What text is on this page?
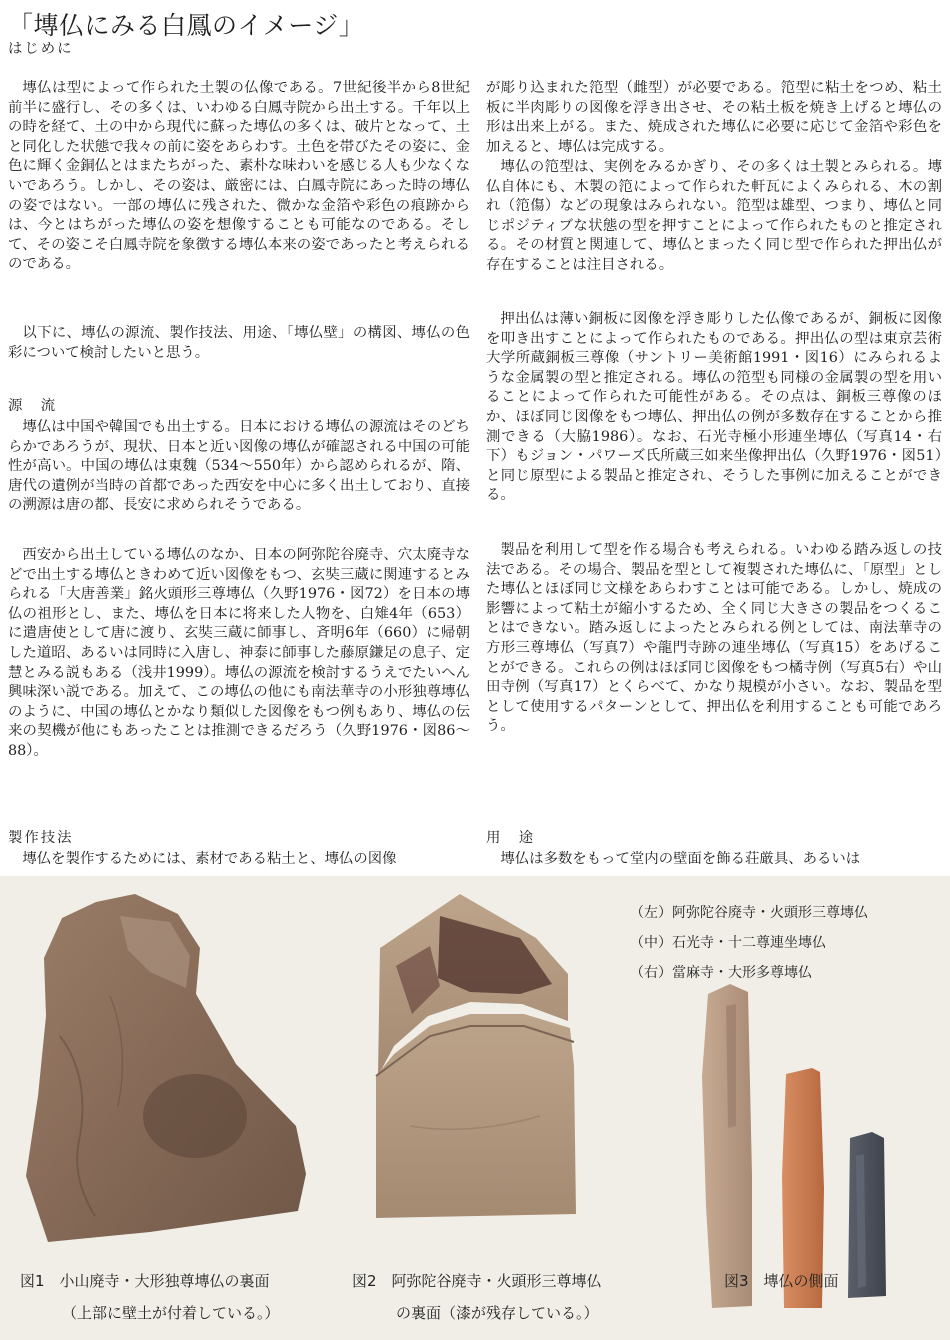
「塼仏にみる白鳳のイメージ」
はじめに

塼仏は型によって作られた土製の仏像である。7世紀後半から8世紀前半に盛行し、その多くは、いわゆる白鳳寺院から出土する。千年以上の時を経て、土の中から現代に蘇った塼仏の多くは、破片となって、土と同化した状態で我々の前に姿をあらわす。土色を帯びたその姿に、金色に輝く金銅仏とはまたちがった、素朴な味わいを感じる人も少なくないであろう。しかし、その姿は、厳密には、白鳳寺院にあった時の塼仏の姿ではない。一部の塼仏に残された、微かな金箔や彩色の痕跡からは、今とはちがった塼仏の姿を想像することも可能なのである。そして、その姿こそ白鳳寺院を象徴する塼仏本来の姿であったと考えられるのである。

以下に、塼仏の源流、製作技法、用途、「塼仏壁」の構図、塼仏の色彩について検討したいと思う。

源　流

塼仏は中国や韓国でも出土する。日本における塼仏の源流はそのどちらかであろうが、現状、日本と近い図像の塼仏が確認される中国の可能性が高い。中国の塼仏は東魏（534～550年）から認められるが、隋、唐代の遺例が当時の首都であった西安を中心に多く出土しており、直接の溯源は唐の都、長安に求められそうである。

西安から出土している塼仏のなか、日本の阿弥陀谷廃寺、穴太廃寺などで出土する塼仏ときわめて近い図像をもつ、玄奘三蔵に関連するとみられる「大唐善業」銘火頭形三尊塼仏（久野1976・図72）を日本の塼仏の祖形とし、また、塼仏を日本に将来した人物を、白雉4年（653）に遣唐使として唐に渡り、玄奘三蔵に師事し、斉明6年（660）に帰朝した道昭、あるいは同時に入唐し、神泰に師事した藤原鎌足の息子、定慧とみる説もある（浅井1999）。塼仏の源流を検討するうえでたいへん興味深い説である。加えて、この塼仏の他にも南法華寺の小形独尊塼仏のように、中国の塼仏とかなり類似した図像をもつ例もあり、塼仏の伝来の契機が他にもあったことは推測できるだろう（久野1976・図86～88）。

製作技法

塼仏を製作するためには、素材である粘土と、塼仏の図像

が彫り込まれた笵型（雌型）が必要である。笵型に粘土をつめ、粘土板に半肉彫りの図像を浮き出させ、その粘土板を焼き上げると塼仏の形は出来上がる。また、焼成された塼仏に必要に応じて金箔や彩色を加えると、塼仏は完成する。

塼仏の笵型は、実例をみるかぎり、その多くは土製とみられる。塼仏自体にも、木製の笵によって作られた軒瓦によくみられる、木の割れ（笵傷）などの現象はみられない。笵型は雄型、つまり、塼仏と同じポジティブな状態の型を押すことによって作られたものと推定される。その材質と関連して、塼仏とまったく同じ型で作られた押出仏が存在することは注目される。

押出仏は薄い銅板に図像を浮き彫りした仏像であるが、銅板に図像を叩き出すことによって作られたものである。押出仏の型は東京芸術大学所蔵銅板三尊像（サントリー美術館1991・図16）にみられるような金属製の型と推定される。塼仏の笵型も同様の金属製の型を用いることによって作られた可能性がある。その点は、銅板三尊像のほか、ほぼ同じ図像をもつ塼仏、押出仏の例が多数存在することから推測できる（大脇1986）。なお、石光寺極小形連坐塼仏（写真14・右下）もジョン・パワーズ氏所蔵三如来坐像押出仏（久野1976・図51）と同じ原型による製品と推定され、そうした事例に加えることができる。

製品を利用して型を作る場合も考えられる。いわゆる踏み返しの技法である。その場合、製品を型として複製された塼仏に、「原型」とした塼仏とほぼ同じ文様をあらわすことは可能である。しかし、焼成の影響によって粘土が縮小するため、全く同じ大きさの製品をつくることはできない。踏み返しによったとみられる例としては、南法華寺の方形三尊塼仏（写真7）や龍門寺跡の連坐塼仏（写真15）をあげることができる。これらの例はほぼ同じ図像をもつ橘寺例（写真5右）や山田寺例（写真17）とくらべて、かなり規模が小さい。なお、製品を型として使用するパターンとして、押出仏を利用することも可能であろう。

用　途

塼仏は多数をもって堂内の壁面を飾る荘厳具、あるいは

（左）阿弥陀谷廃寺・火頭形三尊塼仏
（中）石光寺・十二尊連坐塼仏
（右）當麻寺・大形多尊塼仏

図1　小山廃寺・大形独尊塼仏の裏面

（上部に壁土が付着している。）

図2　阿弥陀谷廃寺・火頭形三尊塼仏

の裏面（漆が残存している。）

図3　塼仏の側面
